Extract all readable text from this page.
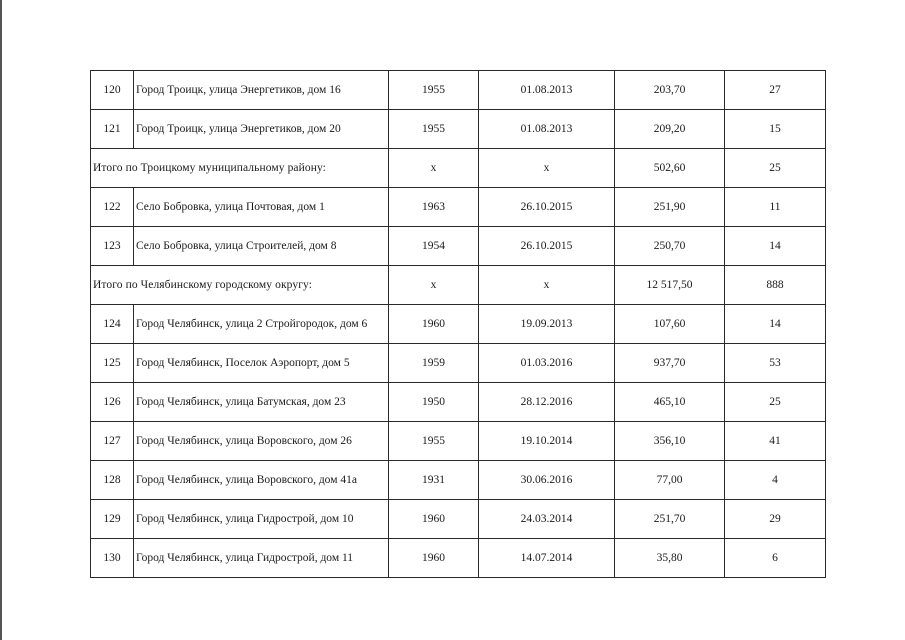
120	Город Троицк, улица Энергетиков, дом 16	1955	01.08.2013	203,70	27
121	Город Троицк, улица Энергетиков, дом 20	1955	01.08.2013	209,20	15
Итого по Троицкому муниципальному району:		x	x	502,60	25
122	Село Бобровка, улица Почтовая, дом 1	1963	26.10.2015	251,90	11
123	Село Бобровка, улица Строителей, дом 8	1954	26.10.2015	250,70	14
Итого по Челябинскому городскому округу:		x	x	12 517,50	888
124	Город Челябинск, улица 2 Стройгородок, дом 6	1960	19.09.2013	107,60	14
125	Город Челябинск, Поселок Аэропорт, дом 5	1959	01.03.2016	937,70	53
126	Город Челябинск, улица Батумская, дом 23	1950	28.12.2016	465,10	25
127	Город Челябинск, улица Воровского, дом 26	1955	19.10.2014	356,10	41
128	Город Челябинск, улица Воровского, дом 41а	1931	30.06.2016	77,00	4
129	Город Челябинск, улица Гидрострой, дом 10	1960	24.03.2014	251,70	29
130	Город Челябинск, улица Гидрострой, дом 11	1960	14.07.2014	35,80	6
